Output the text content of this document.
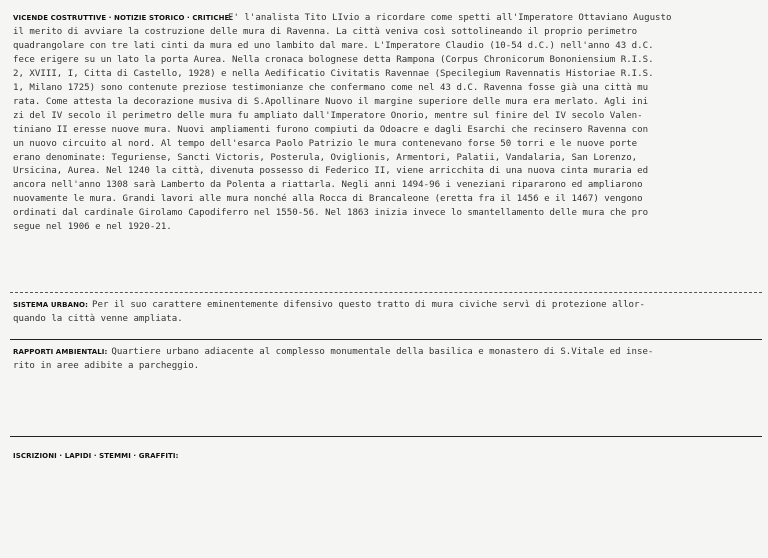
VICENDE COSTRUTTIVE · NOTIZIE STORICO · CRITICHE:
E' l'analista Tito LIvio a ricordare come spetti all'Imperatore Ottaviano Augusto
il merito di avviare la costruzione delle mura di Ravenna. La città veniva così sottolineando il proprio perimetro
quadrangolare con tre lati cinti da mura ed uno lambito dal mare. L'Imperatore Claudio (10-54 d.C.) nell'anno 43 d.C.
fece erigere su un lato la porta Aurea. Nella cronaca bolognese detta Rampona (Corpus Chronicorum Bononiensium R.I.S.
2, XVIII, I, Citta di Castello, 1928) e nella Aedificatio Civitatis Ravennae (Specilegium Ravennatis Historiae R.I.S.
1, Milano 1725) sono contenute preziose testimonianze che confermano come nel 43 d.C. Ravenna fosse già una città mu
rata. Come attesta la decorazione musiva di S.Apollinare Nuovo il margine superiore delle mura era merlato. Agli ini
zi del IV secolo il perimetro delle mura fu ampliato dall'Imperatore Onorio, mentre sul finire del IV secolo Valen-
tiniano II eresse nuove mura. Nuovi ampliamenti furono compiuti da Odoacre e dagli Esarchi che recinsero Ravenna con
un nuovo circuito al nord. Al tempo dell'esarca Paolo Patrizio le mura contenevano forse 50 torri e le nuove porte
erano denominate: Teguriense, Sancti Victoris, Posterula, Oviglionis, Armentori, Palatii, Vandalaria, San Lorenzo,
Ursicina, Aurea. Nel 1240 la città, divenuta possesso di Federico II, viene arricchita di una nuova cinta muraria ed
ancora nell'anno 1308 sarà Lamberto da Polenta a riattarla. Negli anni 1494-96 i veneziani ripararono ed ampliarono
nuovamente le mura. Grandi lavori alle mura nonché alla Rocca di Brancaleone (eretta fra il 1456 e il 1467) vengono
ordinati dal cardinale Girolamo Capodiferro nel 1550-56. Nel 1863 inizia invece lo smantellamento delle mura che pro
segue nel 1906 e nel 1920-21.
SISTEMA URBANO: Per il suo carattere eminentemente difensivo questo tratto di mura civiche servì di protezione allor-
quando la città venne ampliata.
RAPPORTI AMBIENTALI: Quartiere urbano adiacente al complesso monumentale della basilica e monastero di S.Vitale ed inse-
rito in aree adibite a parcheggio.
ISCRIZIONI · LAPIDI · STEMMI · GRAFFITI:
